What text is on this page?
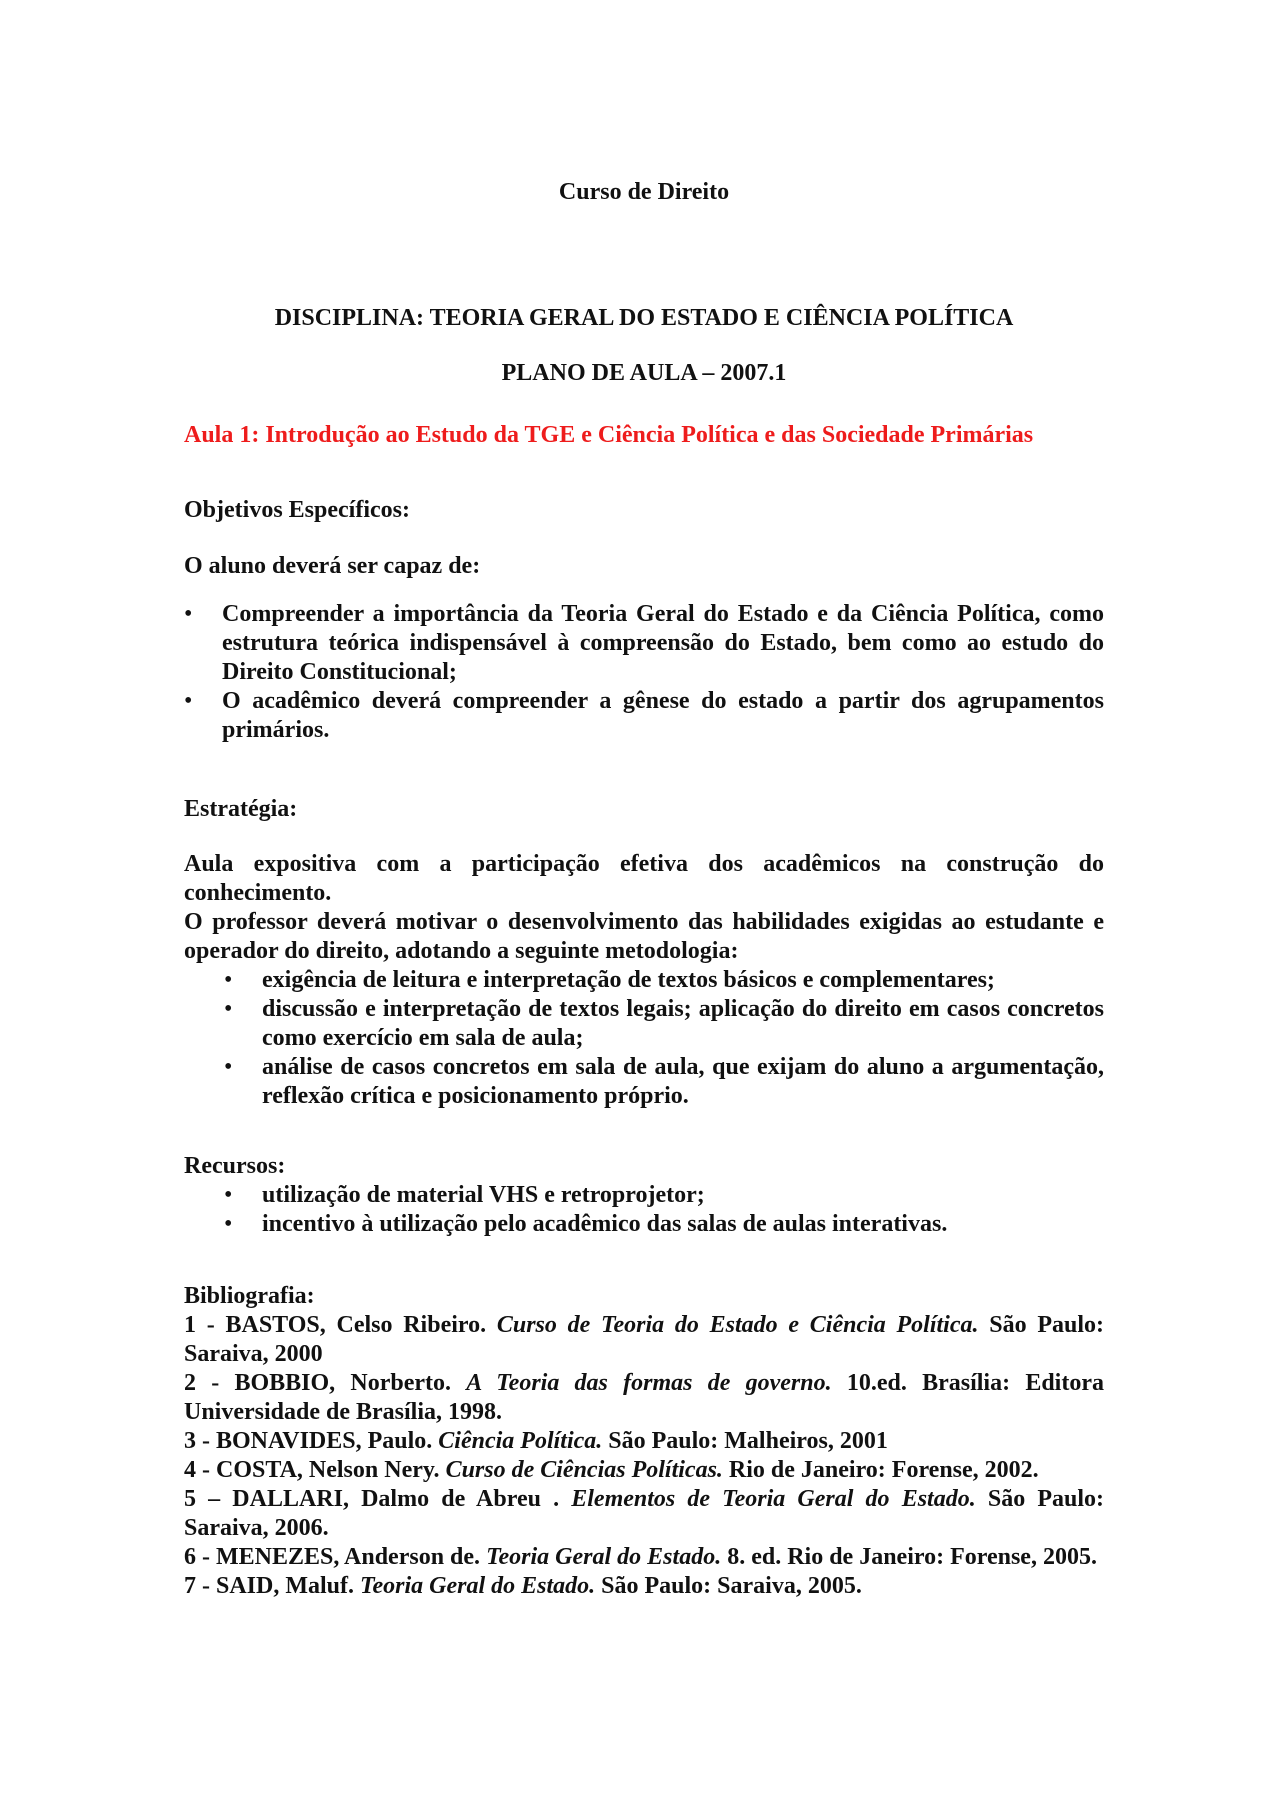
Curso de Direito
DISCIPLINA: TEORIA GERAL DO ESTADO E CIÊNCIA POLÍTICA
PLANO DE AULA – 2007.1
Aula 1: Introdução ao Estudo da TGE e Ciência Política e das Sociedade Primárias
Objetivos Específicos:
O aluno deverá ser capaz de:
• Compreender a importância da Teoria Geral do Estado e da Ciência Política, como estrutura teórica indispensável à compreensão do Estado, bem como ao estudo do Direito Constitucional;
• O acadêmico deverá compreender a gênese do estado a partir dos agrupamentos primários.
Estratégia:
Aula expositiva com a participação efetiva dos acadêmicos na construção do conhecimento.
O professor deverá motivar o desenvolvimento das habilidades exigidas ao estudante e operador do direito, adotando a seguinte metodologia:
• exigência de leitura e interpretação de textos básicos e complementares;
• discussão e interpretação de textos legais; aplicação do direito em casos concretos como exercício em sala de aula;
• análise de casos concretos em sala de aula, que exijam do aluno a argumentação, reflexão crítica e posicionamento próprio.
Recursos:
• utilização de material VHS e retroprojetor;
• incentivo à utilização pelo acadêmico das salas de aulas interativas.
Bibliografia:
1 - BASTOS, Celso Ribeiro. Curso de Teoria do Estado e Ciência Política. São Paulo: Saraiva, 2000
2 - BOBBIO, Norberto. A Teoria das formas de governo. 10.ed. Brasília: Editora Universidade de Brasília, 1998.
3 - BONAVIDES, Paulo. Ciência Política. São Paulo: Malheiros, 2001
4 - COSTA, Nelson Nery. Curso de Ciências Políticas. Rio de Janeiro: Forense, 2002.
5 – DALLARI, Dalmo de Abreu . Elementos de Teoria Geral do Estado. São Paulo: Saraiva, 2006.
6 - MENEZES, Anderson de. Teoria Geral do Estado. 8. ed. Rio de Janeiro: Forense, 2005.
7 - SAID, Maluf. Teoria Geral do Estado. São Paulo: Saraiva, 2005.
